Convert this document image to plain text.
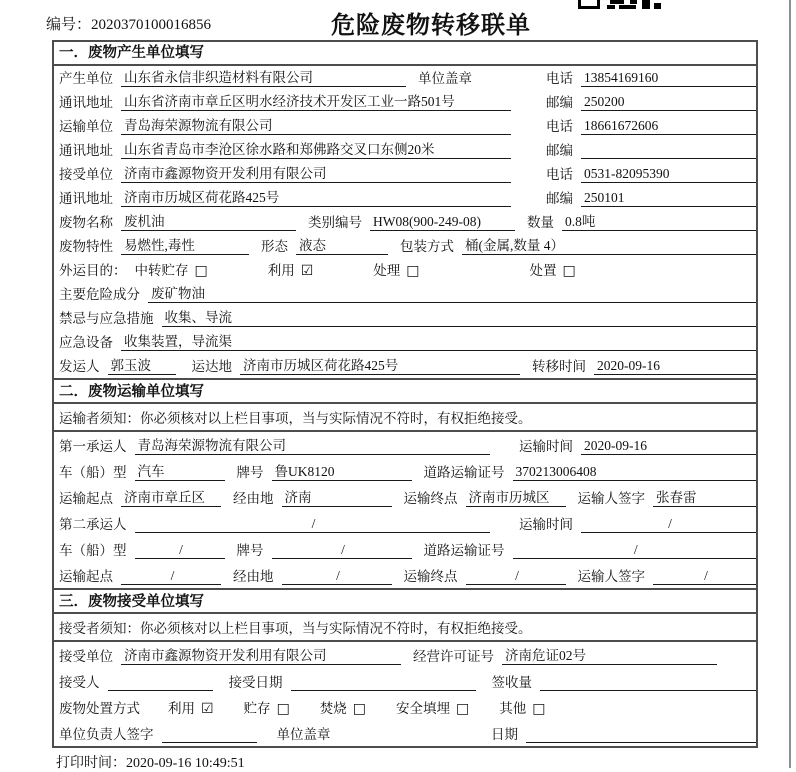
编号：2020370100016856	危险废物转移联单
一．废物产生单位填写
产生单位 山东省永信非织造材料有限公司	单位盖章	电话 13854169160
通讯地址 山东省济南市章丘区明水经济技术开发区工业一路501号	邮编 250200
运输单位 青岛海荣源物流有限公司	电话 18661672606
通讯地址 山东省青岛市李沧区徐水路和郑佛路交叉口东侧20米	邮编
接受单位 济南市鑫源物资开发利用有限公司	电话 0531-82095390
通讯地址 济南市历城区荷花路425号	邮编 250101
废物名称 废机油	类别编号 HW08(900-249-08)	数量 0.8吨
废物特性 易燃性,毒性	形态 液态	包装方式 桶(金属,数量 4）
外运目的： 中转贮存 □	利用 ☑	处理 □	处置 □
主要危险成分 废矿物油
禁忌与应急措施 收集、导流
应急设备 收集装置，导流渠
发运人 郭玉波	运达地 济南市历城区荷花路425号	转移时间 2020-09-16
二．废物运输单位填写
运输者须知：你必须核对以上栏目事项，当与实际情况不符时，有权拒绝接受。
第一承运人 青岛海荣源物流有限公司	运输时间 2020-09-16
车（船）型 汽车	牌号 鲁UK8120	道路运输证号 370213006408
运输起点 济南市章丘区	经由地 济南	运输终点 济南市历城区	运输人签字 张春雷
第二承运人	/	运输时间	/
车（船）型	/	牌号	/	道路运输证号	/
运输起点	/	经由地	/	运输终点	/	运输人签字	/
三．废物接受单位填写
接受者须知：你必须核对以上栏目事项，当与实际情况不符时，有权拒绝接受。
接受单位 济南市鑫源物资开发利用有限公司	经营许可证号 济南危证02号
接受人	接受日期	签收量
废物处置方式 利用 ☑ 贮存 □ 焚烧 □ 安全填埋 □ 其他 □
单位负责人签字	单位盖章	日期
打印时间：2020-09-16 10:49:51
